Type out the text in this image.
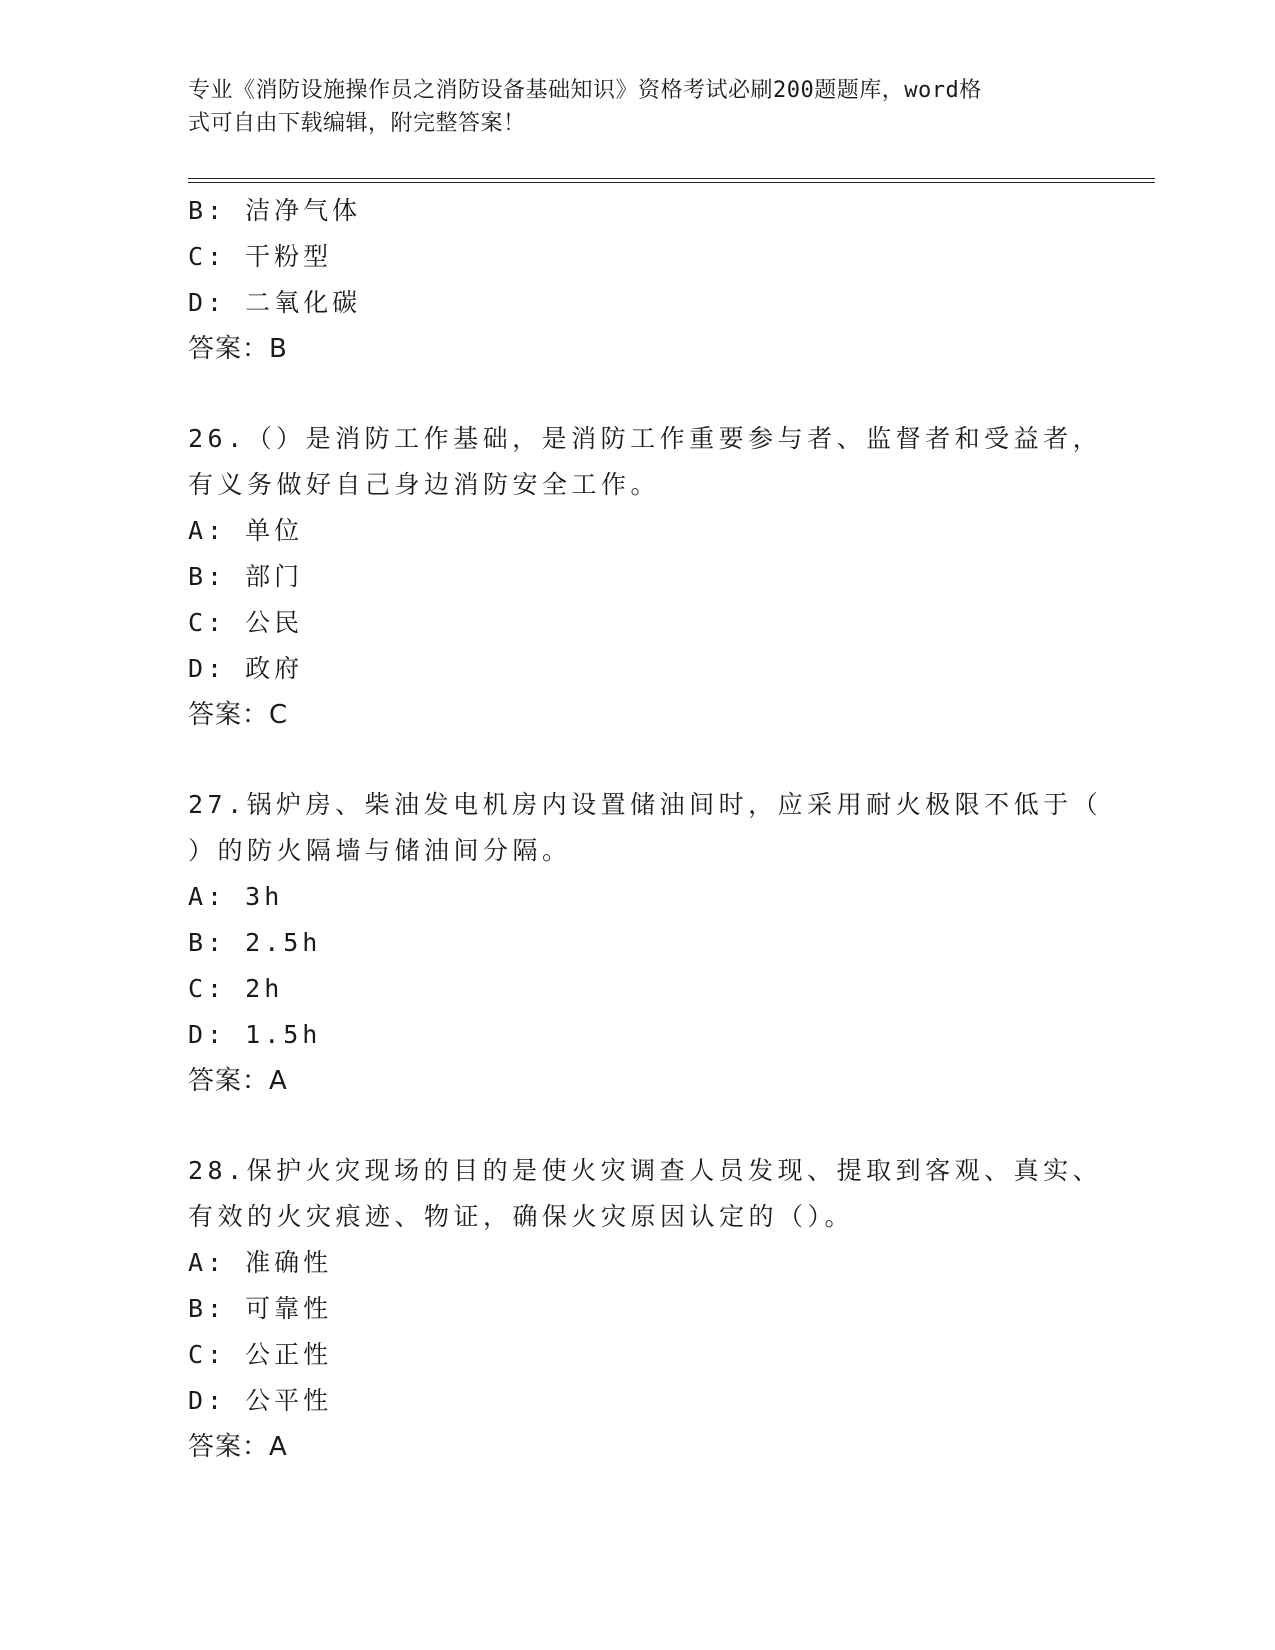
专业《消防设施操作员之消防设备基础知识》资格考试必刷200题题库，word格
式可自由下载编辑，附完整答案！
B: 洁净气体
C: 干粉型
D: 二氧化碳
答案：B
26.（）是消防工作基础，是消防工作重要参与者、监督者和受益者，
有义务做好自己身边消防安全工作。
A: 单位
B: 部门
C: 公民
D: 政府
答案：C
27.锅炉房、柴油发电机房内设置储油间时，应采用耐火极限不低于（
）的防火隔墙与储油间分隔。
A: 3h
B: 2.5h
C: 2h
D: 1.5h
答案：A
28.保护火灾现场的目的是使火灾调查人员发现、提取到客观、真实、
有效的火灾痕迹、物证，确保火灾原因认定的（）。
A: 准确性
B: 可靠性
C: 公正性
D: 公平性
答案：A
